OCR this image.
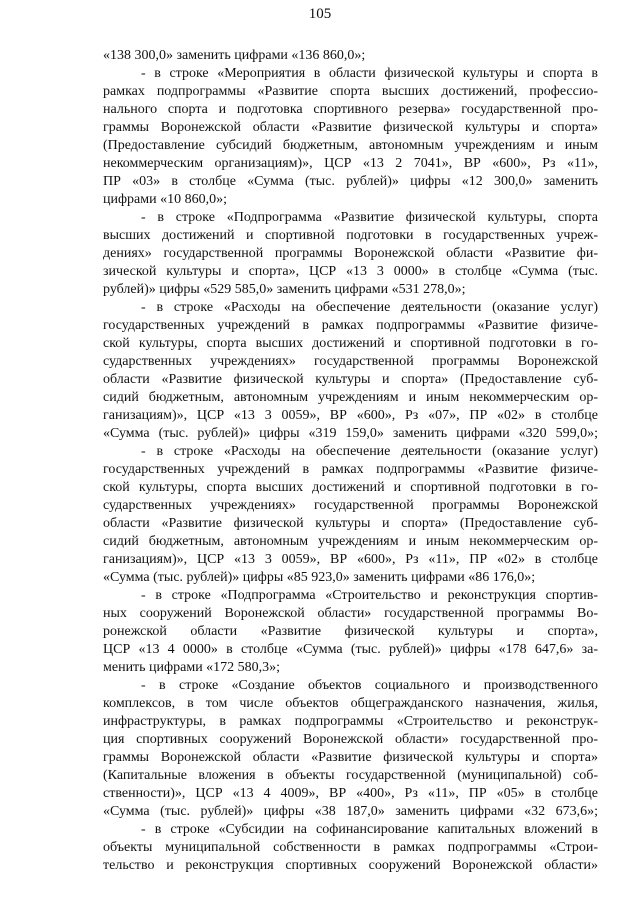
105
«138 300,0» заменить цифрами «136 860,0»;
- в строке «Мероприятия в области физической культуры и спорта в
рамках подпрограммы «Развитие спорта высших достижений, профессио-
нального спорта и подготовка спортивного резерва» государственной про-
граммы Воронежской области «Развитие физической культуры и спорта»
(Предоставление субсидий бюджетным, автономным учреждениям и иным
некоммерческим организациям)», ЦСР «13 2 7041», ВР «600», Рз «11»,
ПР «03» в столбце «Сумма (тыс. рублей)» цифры «12 300,0» заменить
цифрами «10 860,0»;
- в строке «Подпрограмма «Развитие физической культуры, спорта
высших достижений и спортивной подготовки в государственных учреж-
дениях» государственной программы Воронежской области «Развитие фи-
зической культуры и спорта», ЦСР «13 3 0000» в столбце «Сумма (тыс.
рублей)» цифры «529 585,0» заменить цифрами «531 278,0»;
- в строке «Расходы на обеспечение деятельности (оказание услуг)
государственных учреждений в рамках подпрограммы «Развитие физиче-
ской культуры, спорта высших достижений и спортивной подготовки в го-
сударственных учреждениях» государственной программы Воронежской
области «Развитие физической культуры и спорта» (Предоставление суб-
сидий бюджетным, автономным учреждениям и иным некоммерческим ор-
ганизациям)», ЦСР «13 3 0059», ВР «600», Рз «07», ПР «02» в столбце
«Сумма (тыс. рублей)» цифры «319 159,0» заменить цифрами «320 599,0»;
- в строке «Расходы на обеспечение деятельности (оказание услуг)
государственных учреждений в рамках подпрограммы «Развитие физиче-
ской культуры, спорта высших достижений и спортивной подготовки в го-
сударственных учреждениях» государственной программы Воронежской
области «Развитие физической культуры и спорта» (Предоставление суб-
сидий бюджетным, автономным учреждениям и иным некоммерческим ор-
ганизациям)», ЦСР «13 3 0059», ВР «600», Рз «11», ПР «02» в столбце
«Сумма (тыс. рублей)» цифры «85 923,0» заменить цифрами «86 176,0»;
- в строке «Подпрограмма «Строительство и реконструкция спортив-
ных сооружений Воронежской области» государственной программы Во-
ронежской области «Развитие физической культуры и спорта»,
ЦСР «13 4 0000» в столбце «Сумма (тыс. рублей)» цифры «178 647,6» за-
менить цифрами «172 580,3»;
- в строке «Создание объектов социального и производственного
комплексов, в том числе объектов общегражданского назначения, жилья,
инфраструктуры, в рамках подпрограммы «Строительство и реконструк-
ция спортивных сооружений Воронежской области» государственной про-
граммы Воронежской области «Развитие физической культуры и спорта»
(Капитальные вложения в объекты государственной (муниципальной) соб-
ственности)», ЦСР «13 4 4009», ВР «400», Рз «11», ПР «05» в столбце
«Сумма (тыс. рублей)» цифры «38 187,0» заменить цифрами «32 673,6»;
- в строке «Субсидии на софинансирование капитальных вложений в
объекты муниципальной собственности в рамках подпрограммы «Строи-
тельство и реконструкция спортивных сооружений Воронежской области»
